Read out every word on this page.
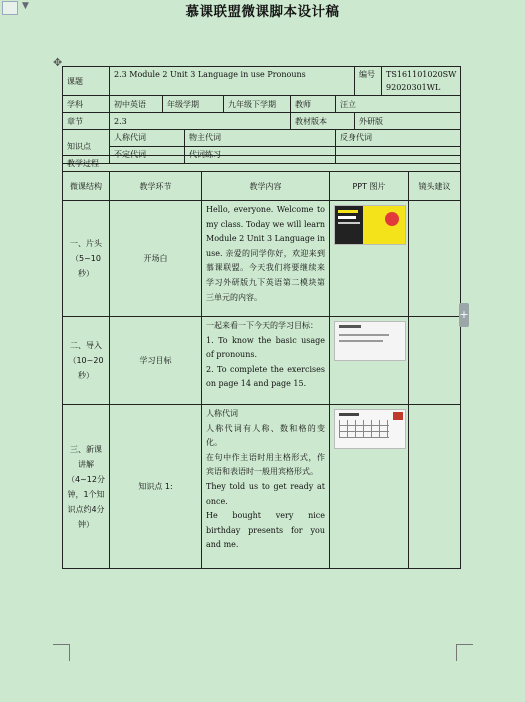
▼	慕课联盟微课脚本设计稿
✥
课题	2.3 Module 2 Unit 3 Language in use Pronouns						编号	TS161101020SW
92020301WL

学科	初中英语	年级学期		九年级下学期	教师	汪立		
章节	2.3				教材版本		外研版	
知识点	人称代词		物主代词			反身代词		
	不定代词		代词练习					
教学过程				
微课结构	教学环节	教学内容	PPT 图片	镜头建议
一、片头（5~10秒）	开场白	Hello, everyone. Welcome to my class. Today we will learn Module 2 Unit 3 Language in use. 亲爱的同学你好，欢迎来到慕课联盟。今天我们将要继续来学习外研版九下英语第二模块第三单元的内容。	

二、导入（10~20秒）	学习目标	一起来看一下今天的学习目标：
1. To know the basic usage of pronouns.
2. To complete the exercises on page 14 and page 15.	

三、新课讲解（4~12分钟，1个知识点约4分钟）	知识点 1:	人称代词
人称代词有人称、数和格的变化。
在句中作主语时用主格形式，作宾语和表语时一般用宾格形式。
They told us to get ready at once.
He bought very nice birthday presents for you and me.	

+
